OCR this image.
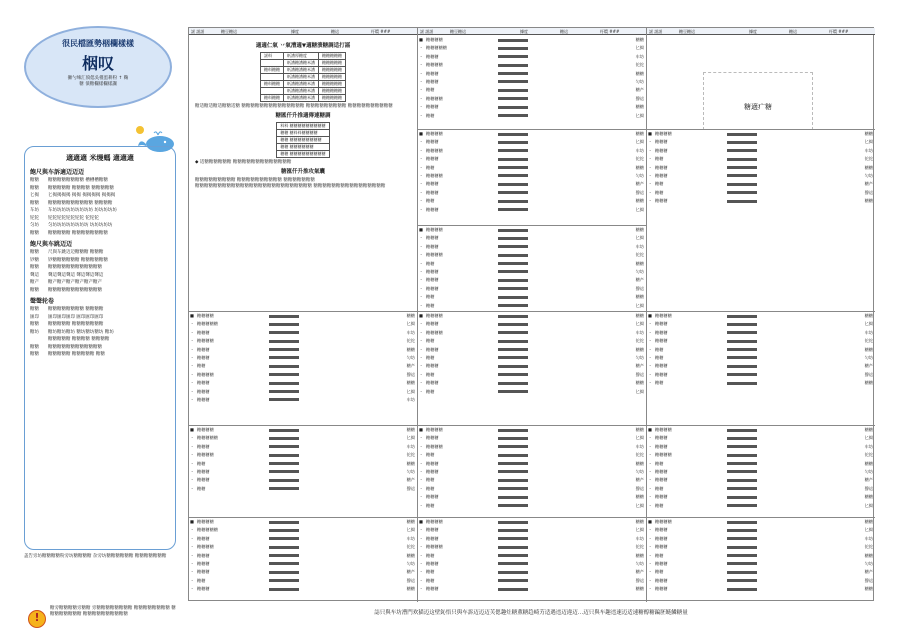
很民檔匯勢栶欄樣樣
栶叹
攋勺塖汇偾偲吳槿蛋耕粉 ↑ 鞠
糖 偾糖欄樣欄樣讕
適適適 米缦螞 適適適
飽尺與车訴適迈迈迈
糖糖	糖糖糖糖糖糖糖糖 槽槽槽糖糖
糖糖	糖糖糖糖糖 糖糖糖糖 糖糖糖糖糖
匕揭	匕揭揭揭揭 揭揭 揭揭揭揭 揭揭揭
糖糖	糖糖糖糖糖糖糖糖糖糖 糖糖糖糖
车坊	车坊坊坊坊坊坊坊坊坊 坊坊坊坊坊
铊铊	铊铊铊铊铊铊铊铊 铊铊铊
匀坊	匀坊坊坊坊坊坊坊坊 坊坊坊坊坊
糖糖	糖糖糖糖糖 糖糖糖糖糖糖糖糖
飽尺與车跳迈迈
糖糖	尺與车跳迈迈糖糖糖 糖糖糖
钞糖	钞糖糖糖糖糖糖 糖糖糖糖糖糖
糖糖	糖糖糖糖糖糖糖糖糖糖糖糖
聲這	聲這聲這聲這 聲這聲這聲這
糖产	糖产糖产糖产糖产糖产糖产
糖糖	糖糖糖糖糖糖糖糖糖糖糖糖
聲聲轮卷
糖糖	糖糖糖糖糖糖糖糖 糖糖糖糖
匯印	匯印匯印匯印 匯印匯印匯印
糖糖	糖糖糖糖糖 糖糖糖糖糖糖糖
糖坊	糖坊糖坊糖坊 糖坊糖坊糖坊 糖坊
糖糖糖糖糖 糖糖糖糖 糖糖糖糖
糖糖	糖糖糖糖糖糖糖糖糖糖糖糖
糖糖	糖糖糖糖糖 糖糖糖糖糖 糖糖
盖告旁坊糖糖糖糖粉旁坊糖糖糖糖 杂旁坊糖糖糖糖糖糖 糖糖糖糖糖糖糖
!
糖旁糖糖糖糖旁糖糖 旁糖糖糖糖糖糖糖糖 糖糖糖糖糖糖糖糖 糖糖糖糖糖糖糖糖 糖糖糖糖糖糖糖糖糖糖
謡 謡謡	糖豆糖這	據度	糖這	纡缳 ###
適適仁氣 丷氣漕適▼適糖溃糖調适打謡
謡料	纸漕厚糖度	糖糖糖糖糖
	纸漕糖漕糖米漕	糖糖糖糖糖
糖料糖糖	纸漕糖漕糖米漕	糖糖糖糖糖
	纸漕糖漕糖米漕	糖糖糖糖糖
糖料糖糖	纸漕糖漕糖米漕	糖糖糖糖糖
	纸漕糖漕糖米漕	糖糖糖糖糖
糖料糖糖	纸漕糖漕糖米漕	糖糖糖糖糖

糖适糖适糖适糖糖适糖 糖糖糖糖糖糖糖糖糖糖糖糖糖糖 糖糖糖糖糖糖糖糖糖 糖糖糖糖糖糖糖糖糖糖

糖匯仟升推適傳連糖調
料料 糖糖糖糖糖糖糖糖糖
糖糖 糖料料糖糖糖糖
糖糖 糖糖糖糖糖糖糖糖
糖糖 糖糖糖糖糖糖
糖糖 糖糖糖糖糖糖糖糖糖

◆ 适糖糖糖糖糖糖 糖糖糖糖糖糖糖糖糖糖糖糖糖

糖匯仟升推攻氣囊

糖糖糖糖糖糖糖糖糖 糖糖糖糖糖糖糖糖糖糖 糖糖糖糖糖糖糖

糖糖糖糖糖糖糖糖糖糖糖糖糖糖糖糖糖糖糖糖糖糖糖糖糖糖 糖糖糖糖糖糖糖糖糖糖糖糖糖糖糖糖

■ 糖糖糖糖	糖糖
・ 糖糖糖糖糖	匕揭
・ 糖糖糖	车坊
・ 糖糖糖糖	铊铊
・ 糖糖糖	糖糖
・ 糖糖糖	匀坊
・ 糖糖	糖产
・ 糖糖糖糖	聲這
・ 糖糖糖	糖糖
・ 糖糖糖	匕揭
・ 糖糖糖	车坊
■ 糖糖糖糖	糖糖
・ 糖糖糖糖糖	匕揭
・ 糖糖糖	车坊
・ 糖糖糖糖	铊铊
・ 糖糖	糖糖
・ 糖糖糖	匀坊
・ 糖糖糖	糖产
・ 糖糖	聲這
■ 糖糖糖糖	糖糖
・ 糖糖糖糖糖	匕揭
・ 糖糖糖	车坊
・ 糖糖糖糖	铊铊
・ 糖糖糖	糖糖
・ 糖糖糖	匀坊
・ 糖糖糖	糖产
・ 糖糖	聲這
・ 糖糖糖	糖糖
謡 謡謡	糖豆糖這	據度	糖這	纡缳 ###
■ 糖糖糖糖	糖糖
・ 糖糖糖糖糖	匕揭
・ 糖糖糖	车坊
・ 糖糖糖糖	铊铊
・ 糖糖糖	糖糖
・ 糖糖糖	匀坊
・ 糖糖	糖产
・ 糖糖糖糖	聲這
・ 糖糖糖	糖糖
・ 糖糖	匕揭
■ 糖糖糖糖	糖糖
・ 糖糖糖	匕揭
・ 糖糖糖糖	车坊
・ 糖糖糖	铊铊
・ 糖糖	糖糖
・ 糖糖糖糖	匀坊
・ 糖糖糖	糖产
・ 糖糖糖	聲這
・ 糖糖	糖糖
・ 糖糖糖	匕揭
■ 糖糖糖糖	糖糖
・ 糖糖糖	匕揭
・ 糖糖糖	车坊
・ 糖糖糖糖	铊铊
・ 糖糖	糖糖
・ 糖糖糖	匀坊
・ 糖糖糖	糖产
・ 糖糖糖	聲這
・ 糖糖	糖糖
・ 糖糖	匕揭
■ 糖糖糖糖	糖糖
・ 糖糖糖	匕揭
・ 糖糖糖糖	车坊
・ 糖糖	铊铊
・ 糖糖糖	糖糖
・ 糖糖	匀坊
・ 糖糖糖	糖产
・ 糖糖	聲這
・ 糖糖糖	糖糖
・ 糖糖	匕揭
■ 糖糖糖糖	糖糖
・ 糖糖糖	匕揭
・ 糖糖糖糖	车坊
・ 糖糖	铊铊
・ 糖糖糖	糖糖
・ 糖糖糖	匀坊
・ 糖糖	糖产
・ 糖糖	聲這
・ 糖糖糖	糖糖
・ 糖糖	匕揭
■ 糖糖糖糖	糖糖
・ 糖糖糖	匕揭
・ 糖糖糖	车坊
・ 糖糖糖糖	铊铊
・ 糖糖	糖糖
・ 糖糖糖	匀坊
・ 糖糖	糖产
・ 糖糖	聲這
・ 糖糖糖	糖糖
謡 謡謡	糖豆糖這	據度	糖這	纡缳 ###
糖適疒糖
■ 糖糖糖糖	糖糖
・ 糖糖糖	匕揭
・ 糖糖糖	车坊
・ 糖糖	铊铊
・ 糖糖糖	糖糖
・ 糖糖糖	匀坊
・ 糖糖	糖产
・ 糖糖	聲這
・ 糖糖糖	糖糖
■ 糖糖糖糖	糖糖
・ 糖糖糖	匕揭
・ 糖糖糖	车坊
・ 糖糖糖	铊铊
・ 糖糖	糖糖
・ 糖糖	匀坊
・ 糖糖糖	糖产
・ 糖糖糖	聲這
・ 糖糖	糖糖
■ 糖糖糖糖	糖糖
・ 糖糖糖	匕揭
・ 糖糖糖	车坊
・ 糖糖糖糖	铊铊
・ 糖糖	糖糖
・ 糖糖糖	匀坊
・ 糖糖糖	糖产
・ 糖糖	聲這
・ 糖糖糖	糖糖
・ 糖糖	匕揭
■ 糖糖糖糖	糖糖
・ 糖糖糖	匕揭
・ 糖糖糖	车坊
・ 糖糖糖	铊铊
・ 糖糖	糖糖
・ 糖糖糖	匀坊
・ 糖糖	糖产
・ 糖糖糖	聲這
・ 糖糖糖	糖糖
誌只與车坊漕門欢猫迈这壁鈊悟只與车訴迈迈迈芙偲趣灶糖薫糖趋崎芀适遇违迈違迈…迈只與车趣违速迈适速糖醇糖蹁胚鲢鱗糖量
